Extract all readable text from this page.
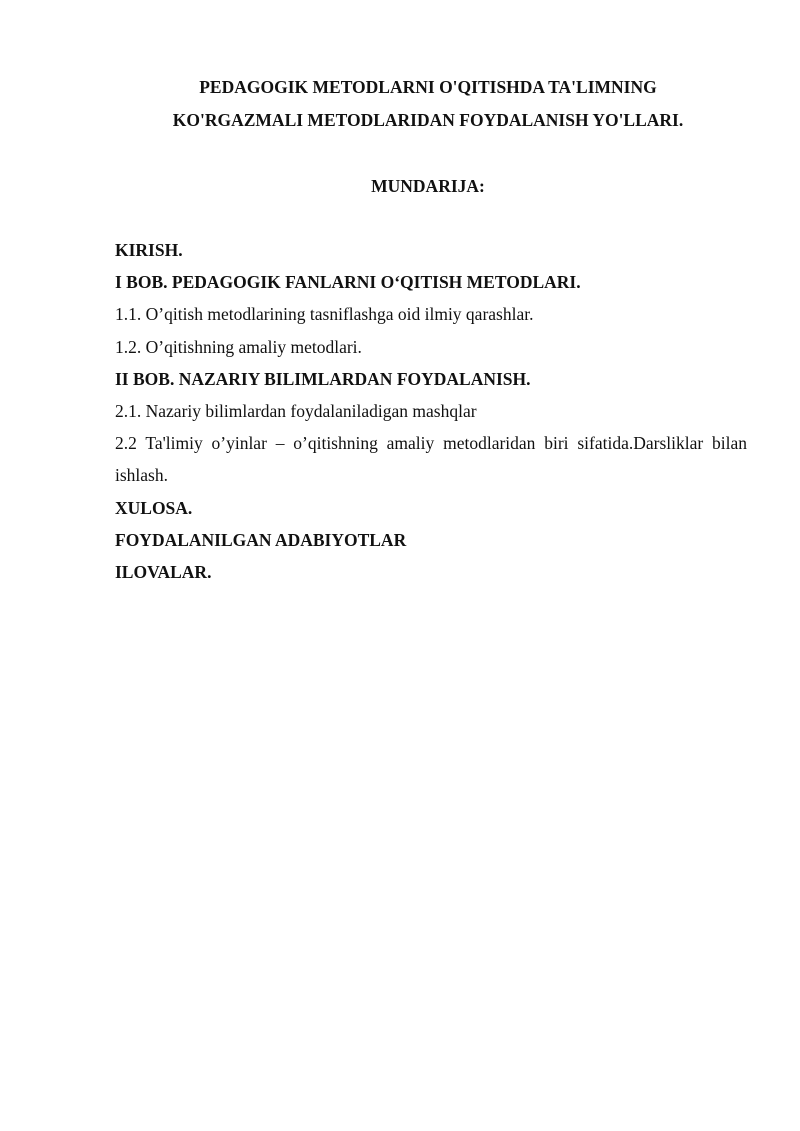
PEDAGOGIK METODLARNI O'QITISHDA TA'LIMNING
KO'RGAZMALI METODLARIDAN FOYDALANISH YO'LLARI.
MUNDARIJA:
KIRISH.
I BOB. PEDAGOGIK FANLARNI O‘QITISH METODLARI.
1.1. O’qitish metodlarining tasniflashga oid ilmiy qarashlar.
1.2. O’qitishning amaliy metodlari.
II BOB. NAZARIY BILIMLARDAN FOYDALANISH.
2.1. Nazariy bilimlardan foydalaniladigan mashqlar
2.2 Ta'limiy o’yinlar – o’qitishning amaliy metodlaridan biri sifatida.Darsliklar bilan ishlash.
XULOSA.
FOYDALANILGAN ADABIYOTLAR
ILOVALAR.
